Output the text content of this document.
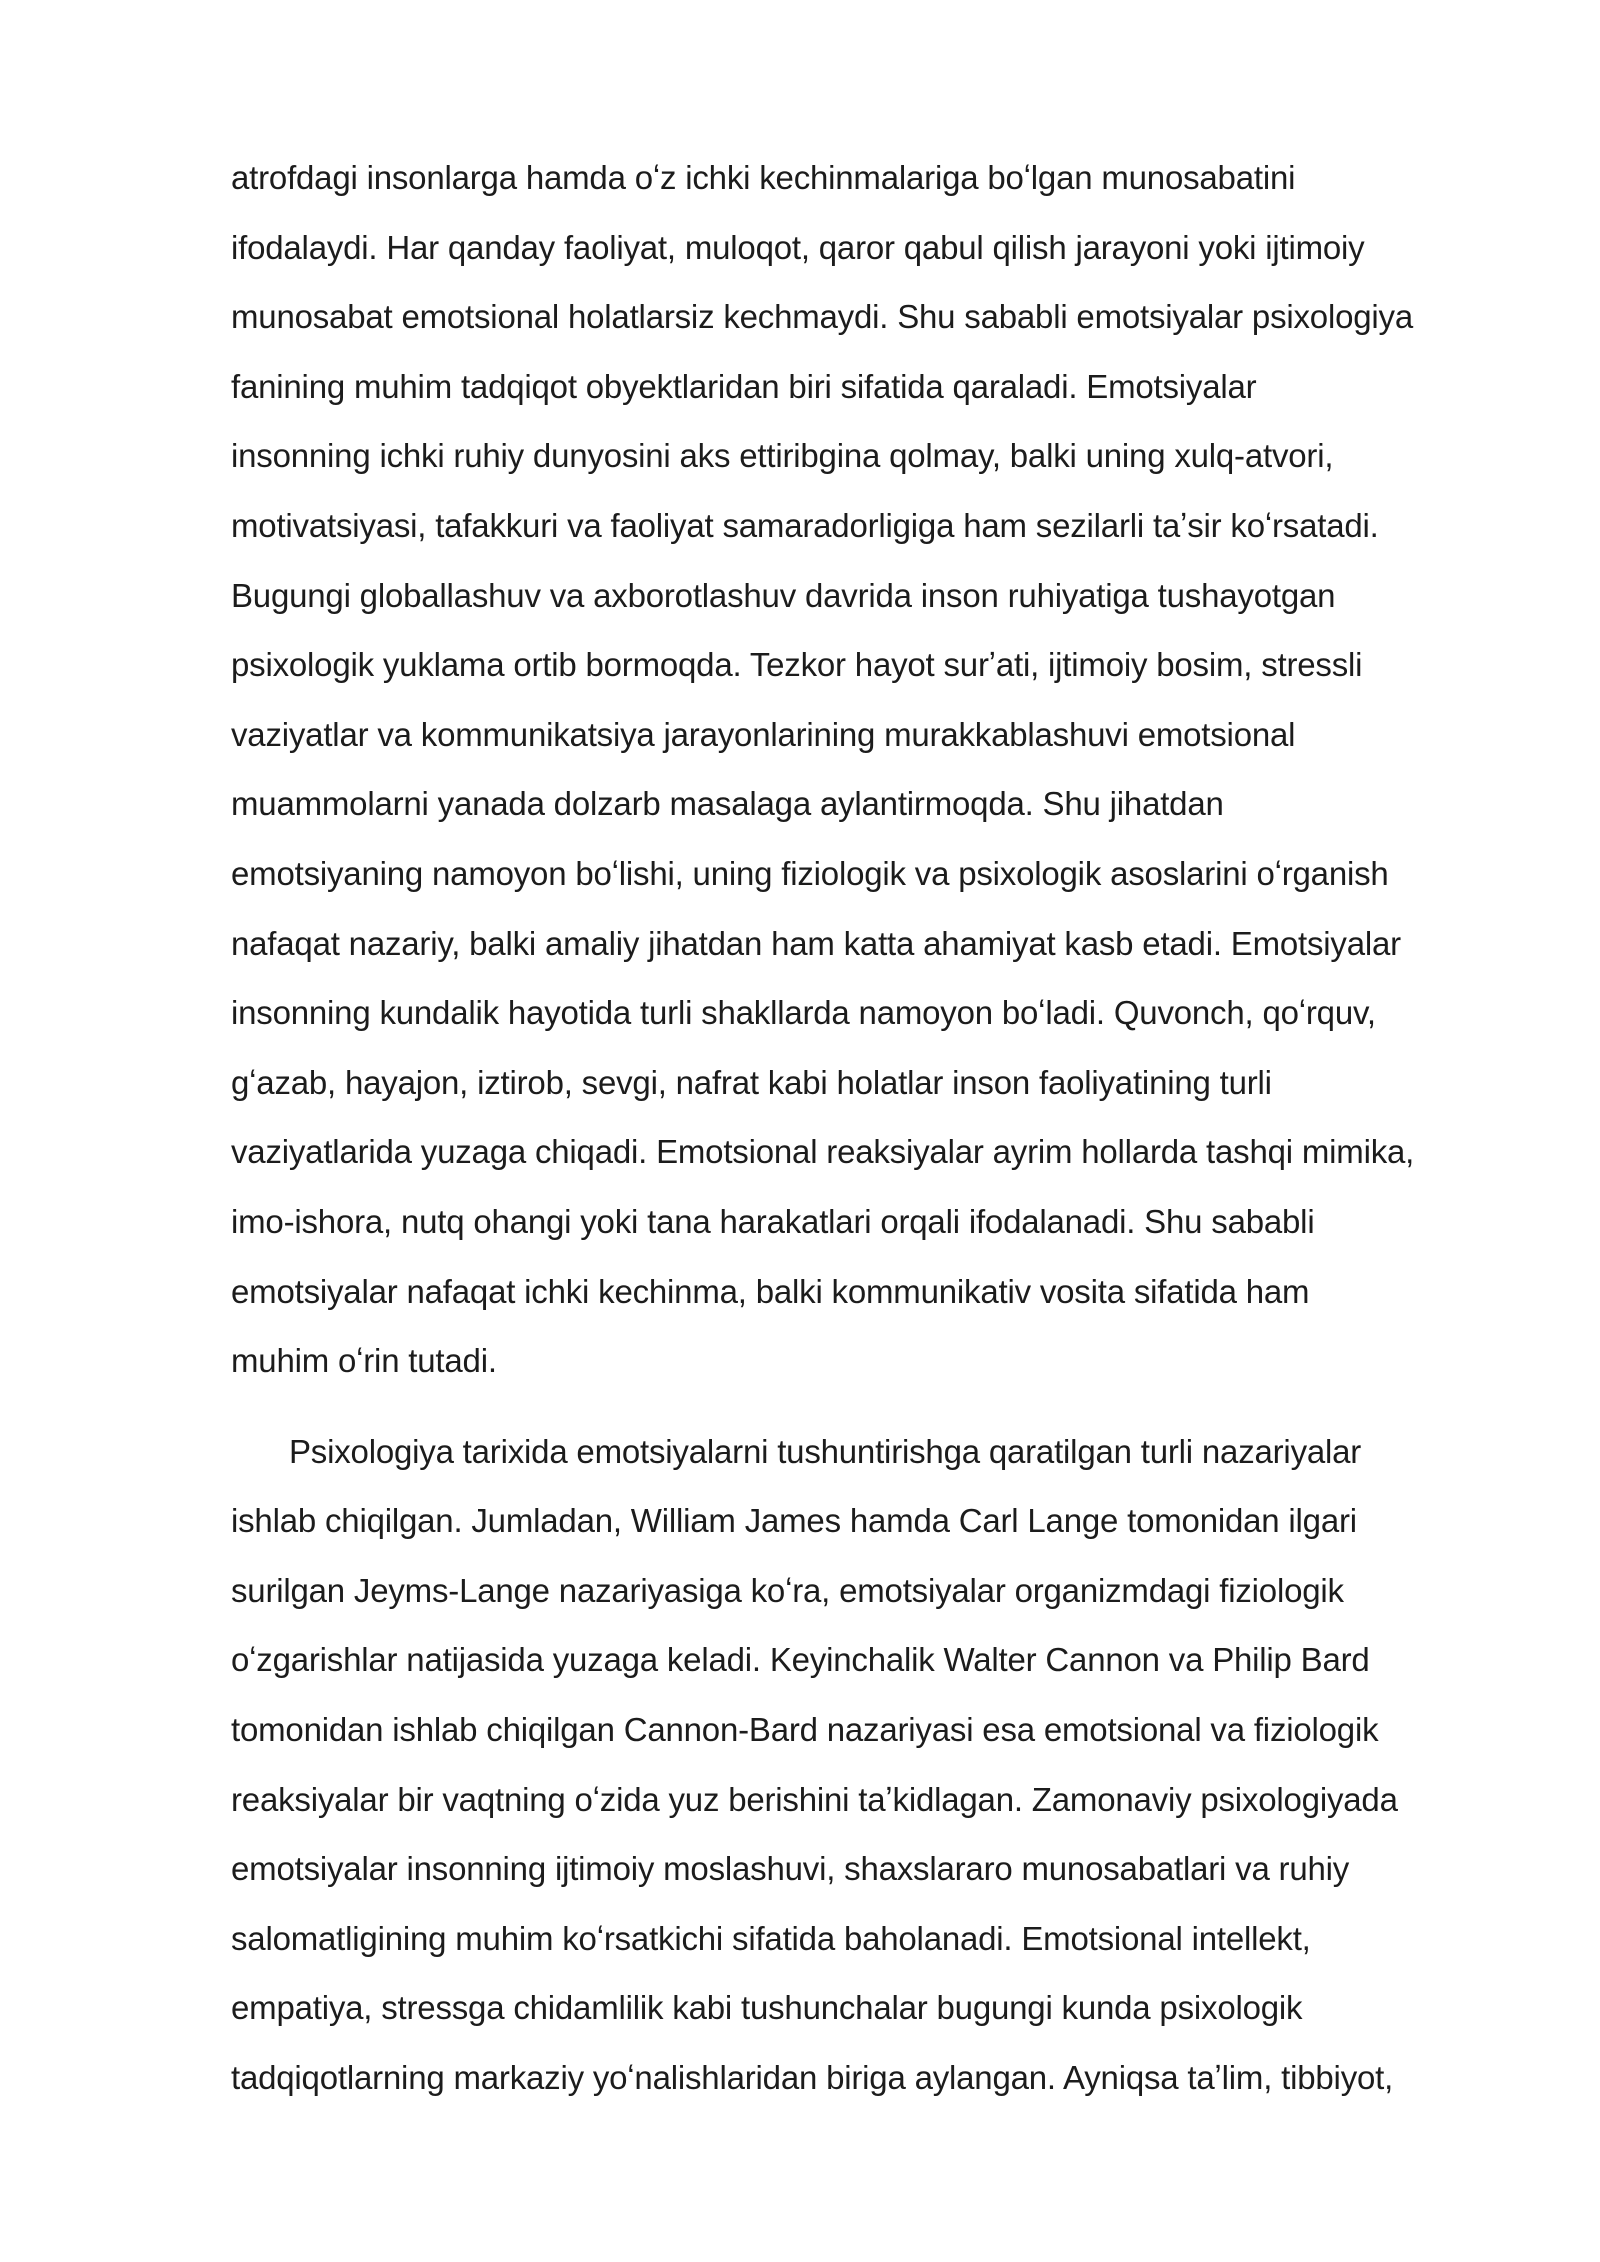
atrofdagi insonlarga hamda oʻz ichki kechinmalariga boʻlgan munosabatini
ifodalaydi. Har qanday faoliyat, muloqot, qaror qabul qilish jarayoni yoki ijtimoiy
munosabat emotsional holatlarsiz kechmaydi. Shu sababli emotsiyalar psixologiya
fanining muhim tadqiqot obyektlaridan biri sifatida qaraladi. Emotsiyalar
insonning ichki ruhiy dunyosini aks ettiribgina qolmay, balki uning xulq-atvori,
motivatsiyasi, tafakkuri va faoliyat samaradorligiga ham sezilarli taʼsir koʻrsatadi.
Bugungi globallashuv va axborotlashuv davrida inson ruhiyatiga tushayotgan
psixologik yuklama ortib bormoqda. Tezkor hayot surʼati, ijtimoiy bosim, stressli
vaziyatlar va kommunikatsiya jarayonlarining murakkablashuvi emotsional
muammolarni yanada dolzarb masalaga aylantirmoqda. Shu jihatdan
emotsiyaning namoyon boʻlishi, uning fiziologik va psixologik asoslarini oʻrganish
nafaqat nazariy, balki amaliy jihatdan ham katta ahamiyat kasb etadi. Emotsiyalar
insonning kundalik hayotida turli shakllarda namoyon boʻladi. Quvonch, qoʻrquv,
gʻazab, hayajon, iztirob, sevgi, nafrat kabi holatlar inson faoliyatining turli
vaziyatlarida yuzaga chiqadi. Emotsional reaksiyalar ayrim hollarda tashqi mimika,
imo-ishora, nutq ohangi yoki tana harakatlari orqali ifodalanadi. Shu sababli
emotsiyalar nafaqat ichki kechinma, balki kommunikativ vosita sifatida ham
muhim oʻrin tutadi.
Psixologiya tarixida emotsiyalarni tushuntirishga qaratilgan turli nazariyalar
ishlab chiqilgan. Jumladan, William James hamda Carl Lange tomonidan ilgari
surilgan Jeyms-Lange nazariyasiga koʻra, emotsiyalar organizmdagi fiziologik
oʻzgarishlar natijasida yuzaga keladi. Keyinchalik Walter Cannon va Philip Bard
tomonidan ishlab chiqilgan Cannon-Bard nazariyasi esa emotsional va fiziologik
reaksiyalar bir vaqtning oʻzida yuz berishini taʼkidlagan. Zamonaviy psixologiyada
emotsiyalar insonning ijtimoiy moslashuvi, shaxslararo munosabatlari va ruhiy
salomatligining muhim koʻrsatkichi sifatida baholanadi. Emotsional intellekt,
empatiya, stressga chidamlilik kabi tushunchalar bugungi kunda psixologik
tadqiqotlarning markaziy yoʻnalishlaridan biriga aylangan. Ayniqsa taʼlim, tibbiyot,
